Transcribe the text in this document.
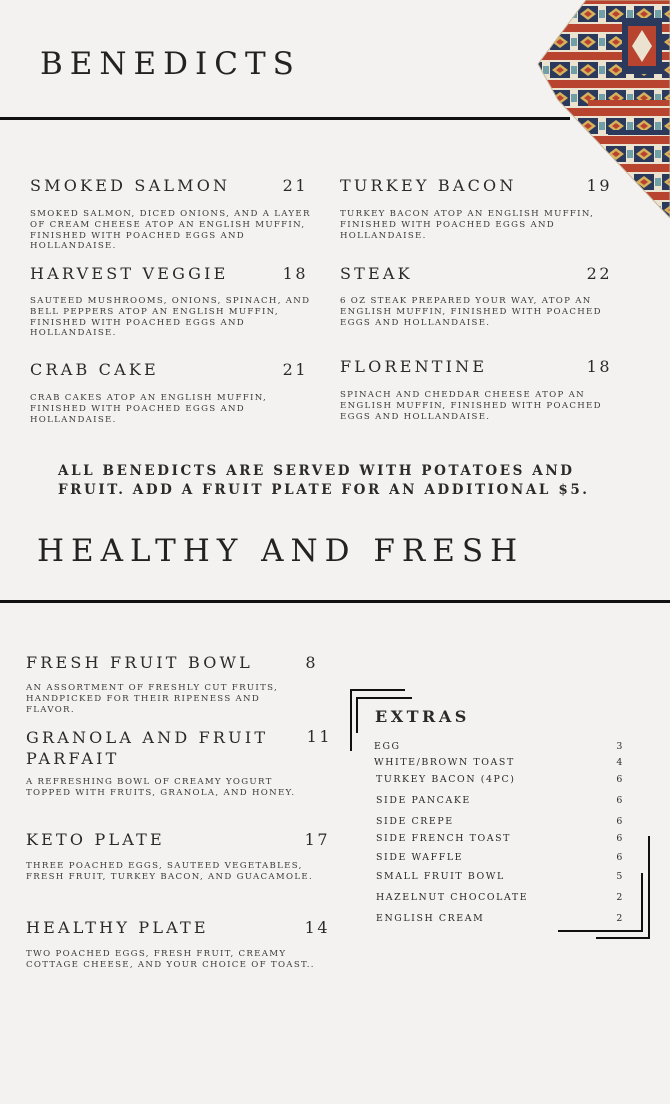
BENEDICTS
SMOKED SALMON	21
SMOKED SALMON, DICED ONIONS, AND A LAYER OF CREAM CHEESE ATOP AN ENGLISH MUFFIN, FINISHED WITH POACHED EGGS AND HOLLANDAISE.
TURKEY BACON	19
TURKEY BACON ATOP AN ENGLISH MUFFIN, FINISHED WITH POACHED EGGS AND HOLLANDAISE.
HARVEST VEGGIE	18
SAUTEED MUSHROOMS, ONIONS, SPINACH, AND BELL PEPPERS ATOP AN ENGLISH MUFFIN, FINISHED WITH POACHED EGGS AND HOLLANDAISE.
STEAK	22
6 OZ STEAK PREPARED YOUR WAY, ATOP AN ENGLISH MUFFIN, FINISHED WITH POACHED EGGS AND HOLLANDAISE.
CRAB CAKE	21
CRAB CAKES ATOP AN ENGLISH MUFFIN, FINISHED WITH POACHED EGGS AND HOLLANDAISE.
FLORENTINE	18
SPINACH AND CHEDDAR CHEESE ATOP AN ENGLISH MUFFIN, FINISHED WITH POACHED EGGS AND HOLLANDAISE.
ALL BENEDICTS ARE SERVED WITH POTATOES AND FRUIT. ADD A FRUIT PLATE FOR AN ADDITIONAL $5.
HEALTHY AND FRESH
FRESH FRUIT BOWL	8
AN ASSORTMENT OF FRESHLY CUT FRUITS, HANDPICKED FOR THEIR RIPENESS AND FLAVOR.
GRANOLA AND FRUIT PARFAIT
11
A REFRESHING BOWL OF CREAMY YOGURT TOPPED WITH FRUITS, GRANOLA, AND HONEY.
KETO PLATE	17
THREE POACHED EGGS, SAUTEED VEGETABLES, FRESH FRUIT, TURKEY BACON, AND GUACAMOLE.
HEALTHY PLATE	14
TWO POACHED EGGS, FRESH FRUIT, CREAMY COTTAGE CHEESE, AND YOUR CHOICE OF TOAST..
EXTRAS
EGG	3
WHITE/BROWN TOAST	4
TURKEY BACON (4PC)	6
SIDE PANCAKE	6
SIDE CREPE	6
SIDE FRENCH TOAST	6
SIDE WAFFLE	6
SMALL FRUIT BOWL	5
HAZELNUT CHOCOLATE	2
ENGLISH CREAM	2
